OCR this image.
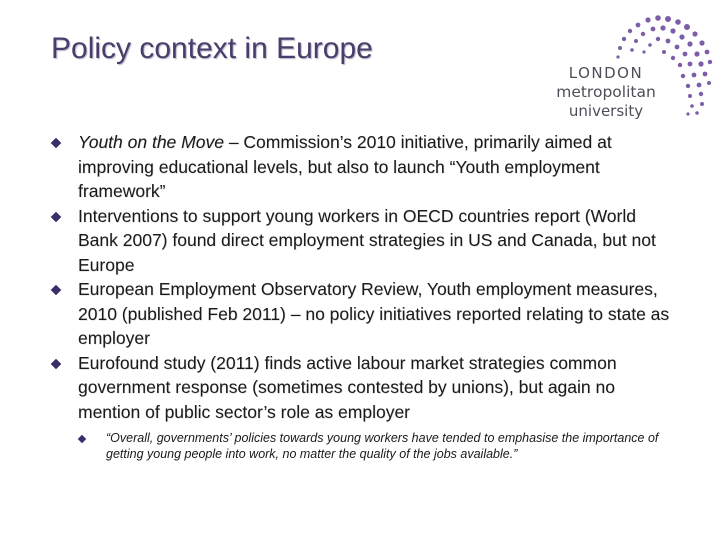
Policy context in Europe
LONDON
metropolitan
university
Youth on the Move – Commission’s 2010 initiative, primarily aimed at improving educational levels, but also to launch “Youth employment framework”
Interventions to support young workers in OECD countries report (World Bank 2007) found direct employment strategies in US and Canada, but not Europe
European Employment Observatory Review, Youth employment measures, 2010 (published Feb 2011) – no policy initiatives reported relating to state as employer
Eurofound study (2011) finds active labour market strategies common government response (sometimes contested by unions), but again no mention of public sector’s role as employer
“Overall, governments’ policies towards young workers have tended to emphasise the importance of getting young people into work, no matter the quality of the jobs available.”
